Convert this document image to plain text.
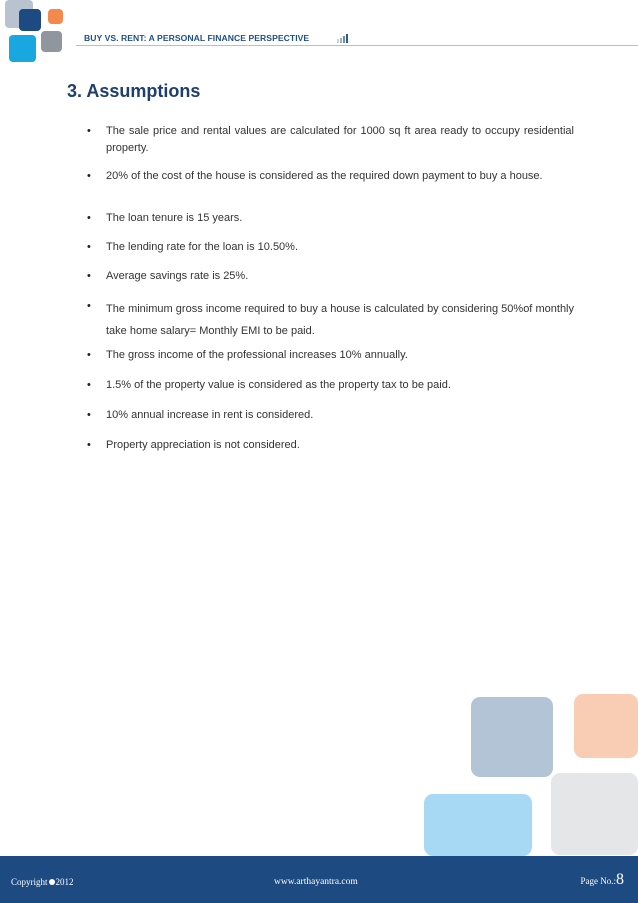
BUY VS. RENT: A PERSONAL FINANCE PERSPECTIVE
3. Assumptions
• The sale price and rental values are calculated for 1000 sq ft area ready to occupy residential property.
• 20% of the cost of the house is considered as the required down payment to buy a house.
• The loan tenure is 15 years.
• The lending rate for the loan is 10.50%.
• Average savings rate is 25%.
• The minimum gross income required to buy a house is calculated by considering 50%of monthly take home salary= Monthly EMI to be paid.
• The gross income of the professional increases 10% annually.
• 1.5% of the property value is considered as the property tax to be paid.
• 10% annual increase in rent is considered.
• Property appreciation is not considered.
Copyright 2012	www.arthayantra.com	Page No.:8
